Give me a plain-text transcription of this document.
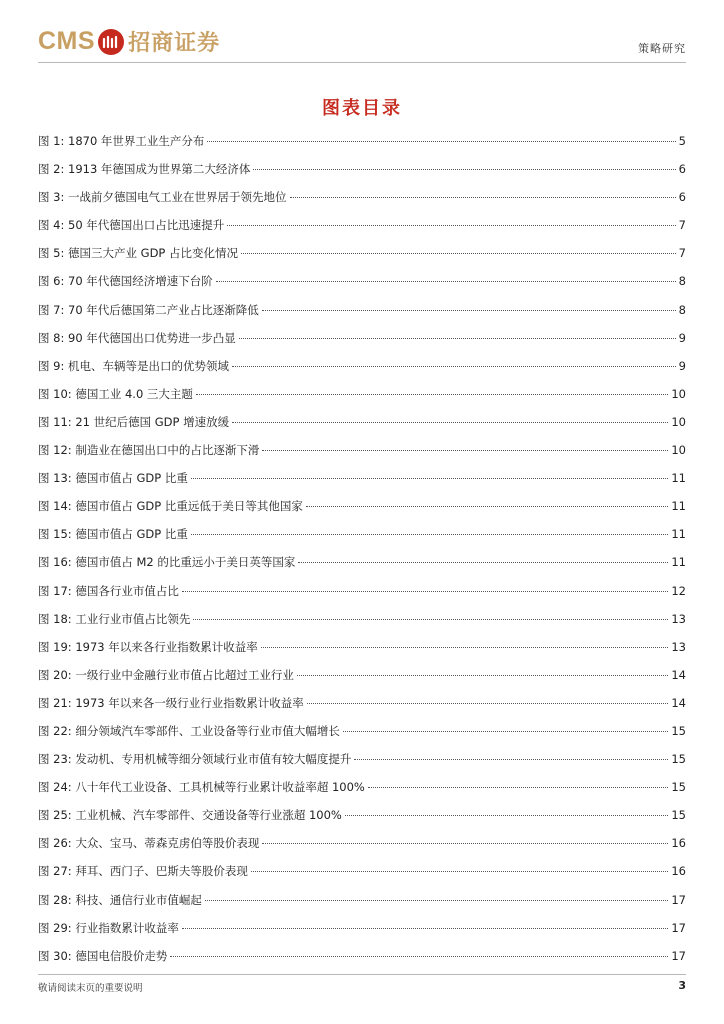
CMS 招商证券	策略研究
图表目录
图 1: 1870 年世界工业生产分布	5
图 2: 1913 年德国成为世界第二大经济体	6
图 3: 一战前夕德国电气工业在世界居于领先地位	6
图 4: 50 年代德国出口占比迅速提升	7
图 5: 德国三大产业 GDP 占比变化情况	7
图 6: 70 年代德国经济增速下台阶	8
图 7: 70 年代后德国第二产业占比逐渐降低	8
图 8: 90 年代德国出口优势进一步凸显	9
图 9: 机电、车辆等是出口的优势领域	9
图 10: 德国工业 4.0 三大主题	10
图 11: 21 世纪后德国 GDP 增速放缓	10
图 12: 制造业在德国出口中的占比逐渐下滑	10
图 13: 德国市值占 GDP 比重	11
图 14: 德国市值占 GDP 比重远低于美日等其他国家	11
图 15: 德国市值占 GDP 比重	11
图 16: 德国市值占 M2 的比重远小于美日英等国家	11
图 17: 德国各行业市值占比	12
图 18: 工业行业市值占比领先	13
图 19: 1973 年以来各行业指数累计收益率	13
图 20: 一级行业中金融行业市值占比超过工业行业	14
图 21: 1973 年以来各一级行业行业指数累计收益率	14
图 22: 细分领域汽车零部件、工业设备等行业市值大幅增长	15
图 23: 发动机、专用机械等细分领域行业市值有较大幅度提升	15
图 24: 八十年代工业设备、工具机械等行业累计收益率超 100%	15
图 25: 工业机械、汽车零部件、交通设备等行业涨超 100%	15
图 26: 大众、宝马、蒂森克虏伯等股价表现	16
图 27: 拜耳、西门子、巴斯夫等股价表现	16
图 28: 科技、通信行业市值崛起	17
图 29: 行业指数累计收益率	17
图 30: 德国电信股价走势	17
敬请阅读末页的重要说明	3
